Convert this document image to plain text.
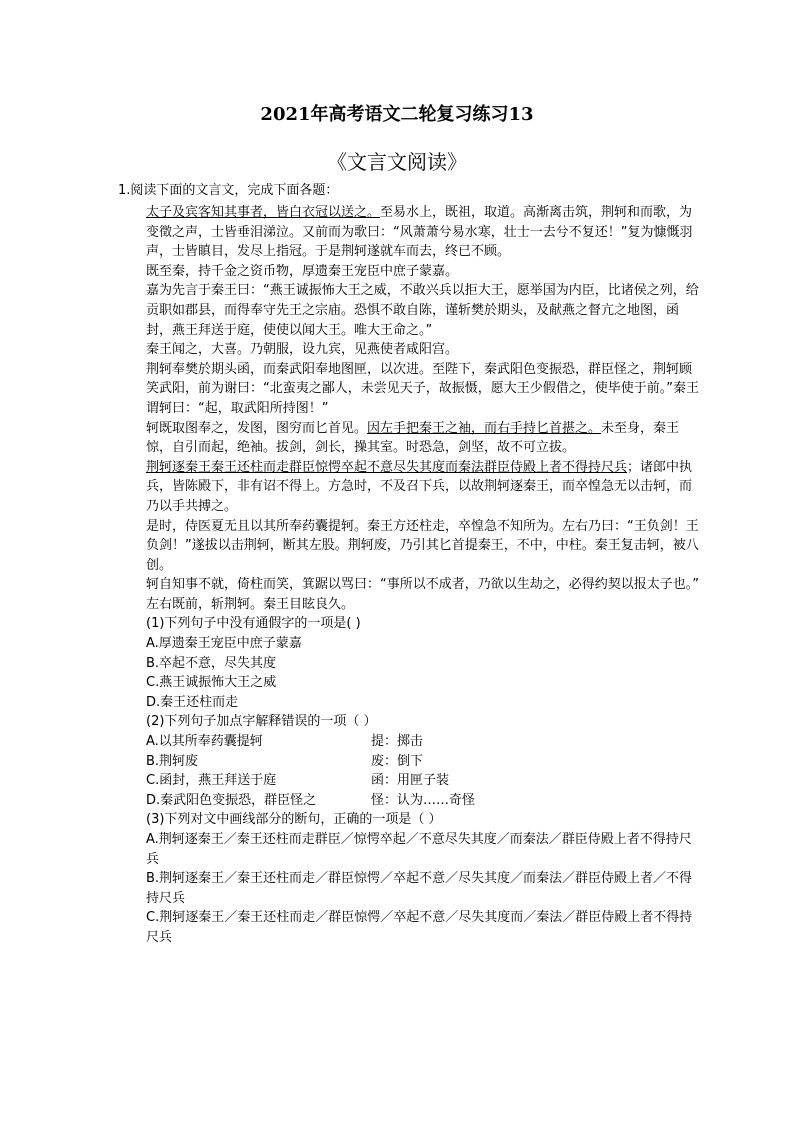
2021年高考语文二轮复习练习13
《文言文阅读》
1.阅读下面的文言文，完成下面各题：

太子及宾客知其事者，皆白衣冠以送之。至易水上，既祖，取道。高渐离击筑，荆轲和而歌，为变徵之声，士皆垂泪涕泣。又前而为歌曰：“风萧萧兮易水寒，壮士一去兮不复还！”复为慷慨羽声，士皆瞋目，发尽上指冠。于是荆轲遂就车而去，终已不顾。

既至秦，持千金之资币物，厚遗秦王宠臣中庶子蒙嘉。

嘉为先言于秦王曰：“燕王诚振怖大王之威，不敢兴兵以拒大王，愿举国为内臣，比诸侯之列，给贡职如郡县，而得奉守先王之宗庙。恐惧不敢自陈，谨斩樊於期头，及献燕之督亢之地图，函封，燕王拜送于庭，使使以闻大王。唯大王命之。”

秦王闻之，大喜。乃朝服，设九宾，见燕使者咸阳宫。

荆轲奉樊於期头函，而秦武阳奉地图匣，以次进。至陛下，秦武阳色变振恐，群臣怪之，荆轲顾笑武阳，前为谢曰：“北蛮夷之鄙人，未尝见天子，故振慑，愿大王少假借之，使毕使于前。”秦王谓轲曰：“起，取武阳所持图！”

轲既取图奉之，发图，图穷而匕首见。因左手把秦王之袖，而右手持匕首揕之。未至身，秦王惊，自引而起，绝袖。拔剑，剑长，操其室。时恐急，剑坚，故不可立拔。

荆轲逐秦王秦王还柱而走群臣惊愕卒起不意尽失其度而秦法群臣侍殿上者不得持尺兵；诸郎中执兵，皆陈殿下，非有诏不得上。方急时，不及召下兵，以故荆轲逐秦王，而卒惶急无以击轲，而乃以手共搏之。

是时，侍医夏无且以其所奉药囊提轲。秦王方还柱走，卒惶急不知所为。左右乃曰：“王负剑！王负剑！”遂拔以击荆轲，断其左股。荆轲废，乃引其匕首提秦王，不中，中柱。秦王复击轲，被八创。

轲自知事不就，倚柱而笑，箕踞以骂曰：“事所以不成者，乃欲以生劫之，必得约契以报太子也。”

左右既前，斩荆轲。秦王目眩良久。

(1)下列句子中没有通假字的一项是( )

A.厚遗秦王宠臣中庶子蒙嘉

B.卒起不意，尽失其度

C.燕王诚振怖大王之威

D.秦王还柱而走

(2)下列句子加点字解释错误的一项（ ）

A.以其所奉药囊提轲	提：掷击
B.荆轲废	废：倒下
C.函封，燕王拜送于庭	函：用匣子装
D.秦武阳色变振恐，群臣怪之	怪：认为……奇怪

(3)下列对文中画线部分的断句，正确的一项是（ ）

A.荆轲逐秦王／秦王还柱而走群臣／惊愕卒起／不意尽失其度／而秦法／群臣侍殿上者不得持尺兵

B.荆轲逐秦王／秦王还柱而走／群臣惊愕／卒起不意／尽失其度／而秦法／群臣侍殿上者／不得持尺兵

C.荆轲逐秦王／秦王还柱而走／群臣惊愕／卒起不意／尽失其度而／秦法／群臣侍殿上者不得持尺兵
